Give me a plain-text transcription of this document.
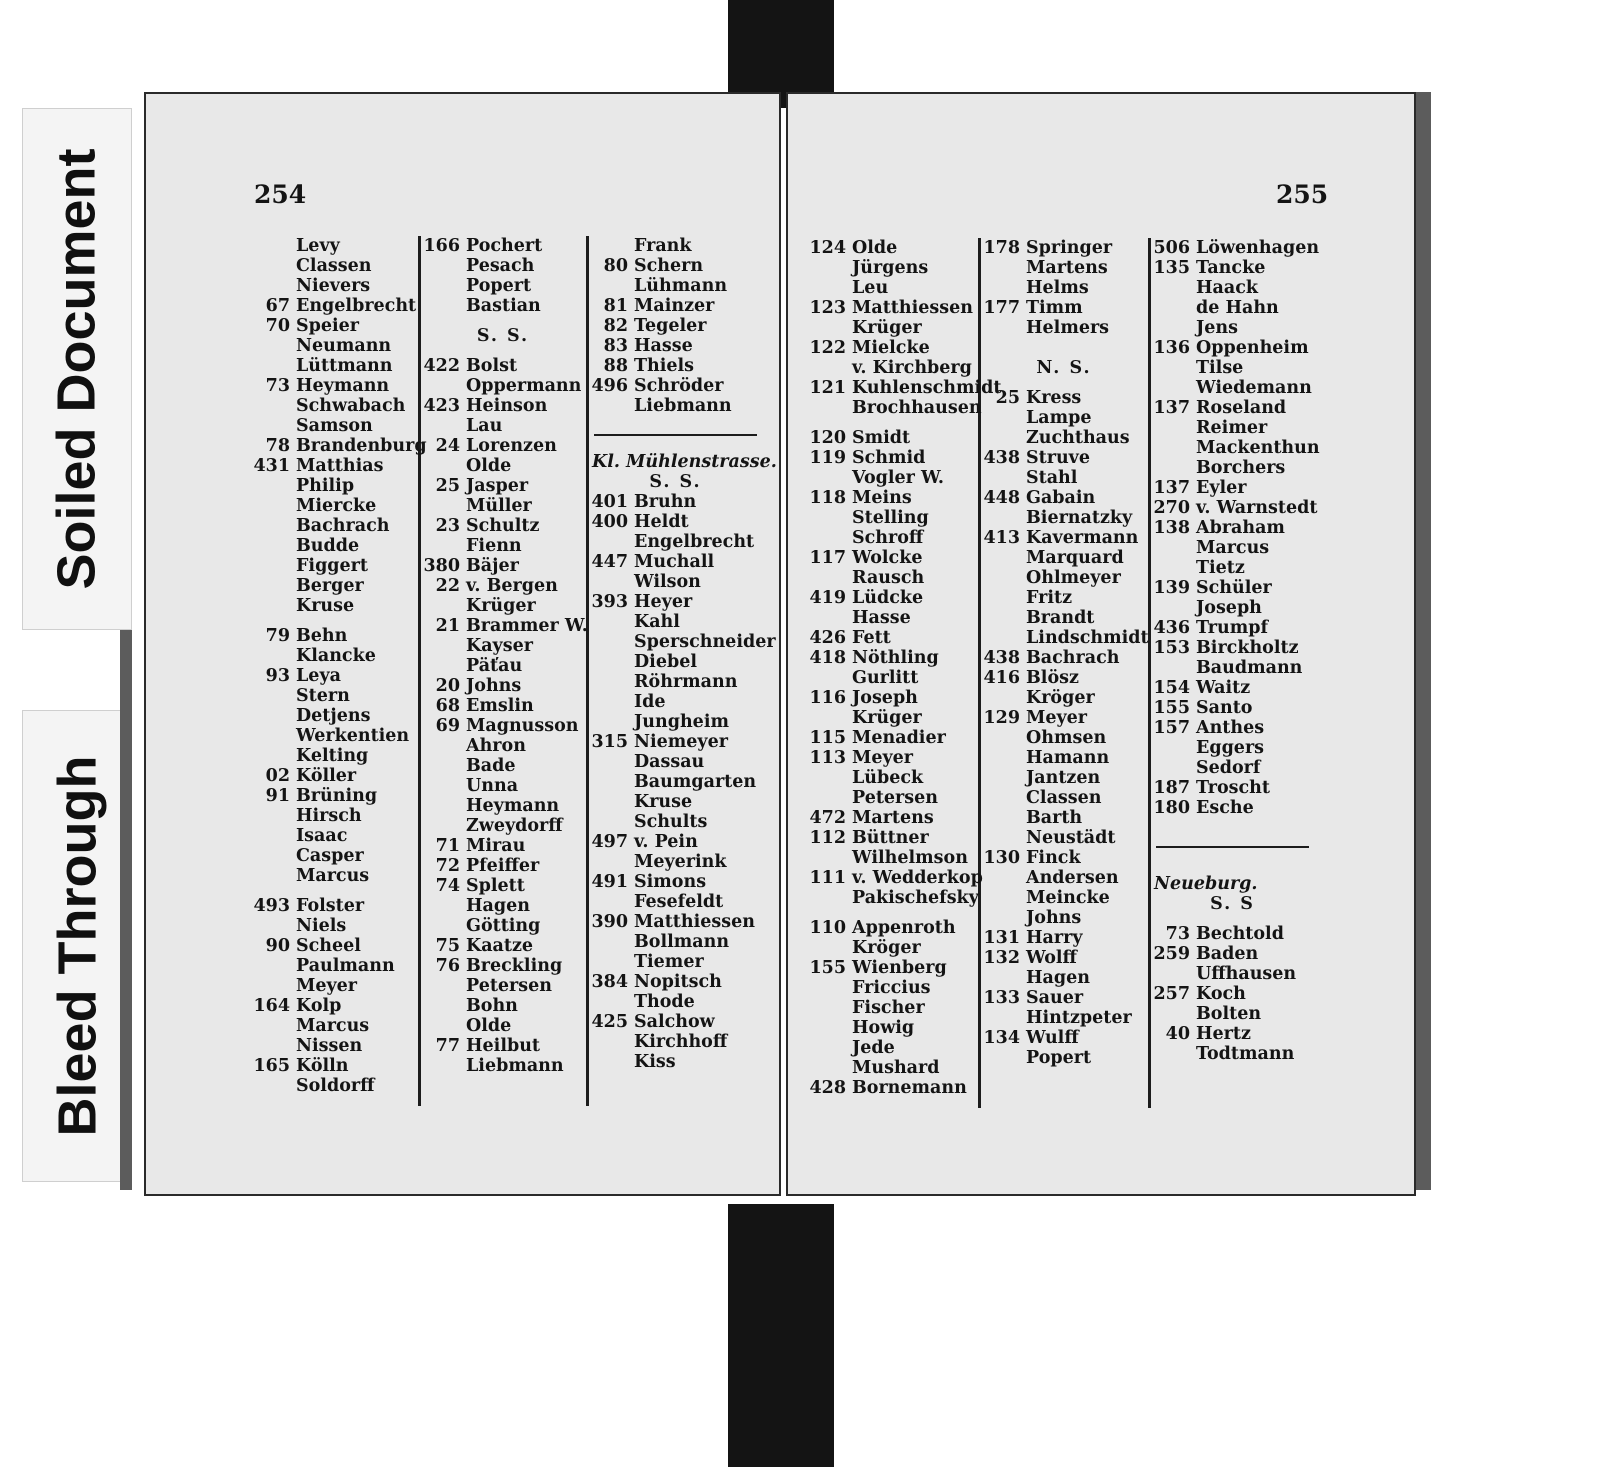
Soiled Document
Bleed Through
254
Levy
Classen
Nievers
67 Engelbrecht
70 Speier
Neumann
Lüttmann
73 Heymann
Schwabach
Samson
78 Brandenburg
431 Matthias
Philip
Miercke
Bachrach
Budde
Figgert
Berger
Kruse
79 Behn
Klancke
93 Leya
Stern
Detjens
Werkentien
Kelting
02 Köller
91 Brüning
Hirsch
Isaac
Casper
Marcus
493 Folster
Niels
90 Scheel
Paulmann
Meyer
164 Kolp
Marcus
Nissen
165 Kölln
Soldorff
166 Pochert
Pesach
Popert
Bastian
S. S.
422 Bolst
Oppermann
423 Heinson
Lau
24 Lorenzen
Olde
25 Jasper
Müller
23 Schultz
Fienn
380 Bäjer
22 v. Bergen
Krüger
21 Brammer W.
Kayser
Päťau
20 Johns
68 Emslin
69 Magnusson
Ahron
Bade
Unna
Heymann
Zweydorff
71 Mirau
72 Pfeiffer
74 Splett
Hagen
Götting
75 Kaatze
76 Breckling
Petersen
Bohn
Olde
77 Heilbut
Liebmann
Frank
80 Schern
Lühmann
81 Mainzer
82 Tegeler
83 Hasse
88 Thiels
496 Schröder
Liebmann
Kl. Mühlenstrasse.
S. S.
401 Bruhn
400 Heldt
Engelbrecht
447 Muchall
Wilson
393 Heyer
Kahl
Sperschneider
Diebel
Röhrmann
Ide
Jungheim
315 Niemeyer
Dassau
Baumgarten
Kruse
Schults
497 v. Pein
Meyerink
491 Simons
Fesefeldt
390 Matthiessen
Bollmann
Tiemer
384 Nopitsch
Thode
425 Salchow
Kirchhoff
Kiss
255
124 Olde
Jürgens
Leu
123 Matthiessen
Krüger
122 Mielcke
v. Kirchberg
121 Kuhlenschmidt
Brochhausen
120 Smidt
119 Schmid
Vogler W.
118 Meins
Stelling
Schroff
117 Wolcke
Rausch
419 Lüdcke
Hasse
426 Fett
418 Nöthling
Gurlitt
116 Joseph
Krüger
115 Menadier
113 Meyer
Lübeck
Petersen
472 Martens
112 Büttner
Wilhelmson
111 v. Wedderkop
Pakischefsky
110 Appenroth
Kröger
155 Wienberg
Friccius
Fischer
Howig
Jede
Mushard
428 Bornemann
178 Springer
Martens
Helms
177 Timm
Helmers
N. S.
25 Kress
Lampe
Zuchthaus
438 Struve
Stahl
448 Gabain
Biernatzky
413 Kavermann
Marquard
Ohlmeyer
Fritz
Brandt
Lindschmidt
438 Bachrach
416 Blösz
Kröger
129 Meyer
Ohmsen
Hamann
Jantzen
Classen
Barth
Neustädt
130 Finck
Andersen
Meincke
Johns
131 Harry
132 Wolff
Hagen
133 Sauer
Hintzpeter
134 Wulff
Popert
506 Löwenhagen
135 Tancke
Haack
de Hahn
Jens
136 Oppenheim
Tilse
Wiedemann
137 Roseland
Reimer
Mackenthun
Borchers
137 Eyler
270 v. Warnstedt
138 Abraham
Marcus
Tietz
139 Schüler
Joseph
436 Trumpf
153 Birckholtz
Baudmann
154 Waitz
155 Santo
157 Anthes
Eggers
Sedorf
187 Troscht
180 Esche
Neueburg.
S. S
73 Bechtold
259 Baden
Uffhausen
257 Koch
Bolten
40 Hertz
Todtmann
